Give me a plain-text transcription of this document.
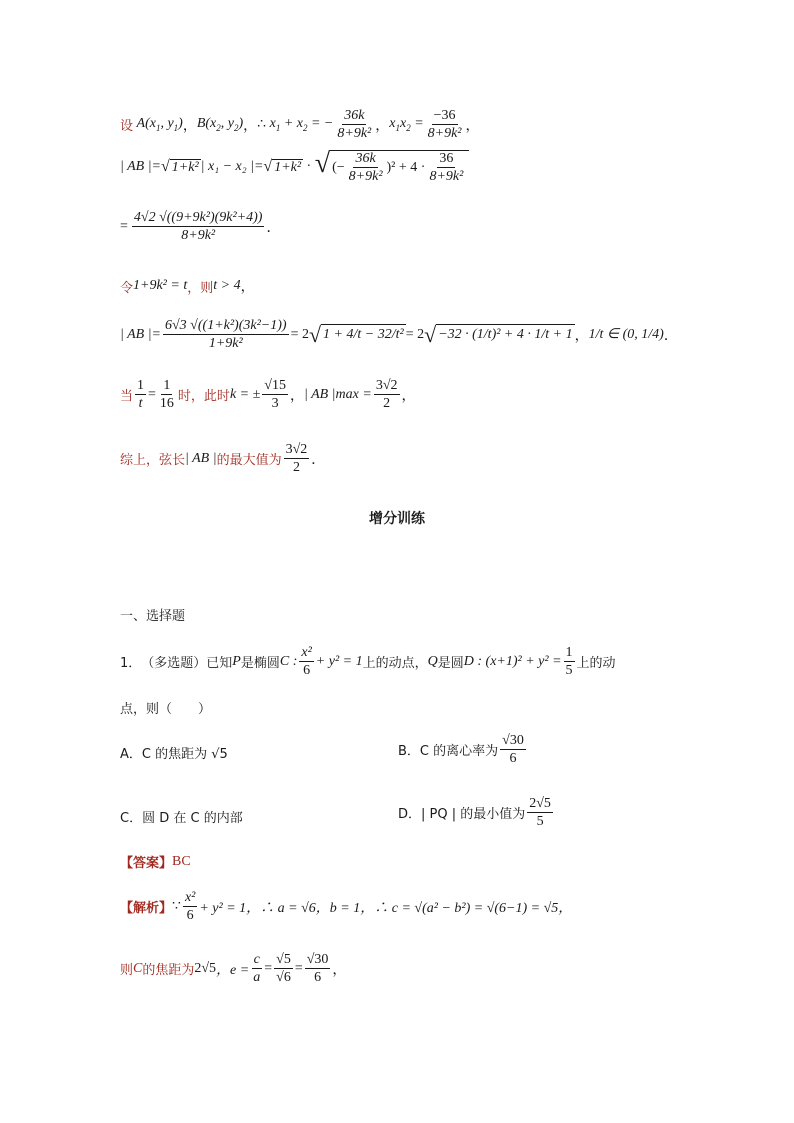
设 $A(x_1$, $y_1$) ， $B(x_2$, $y_2$) ， ∴ $x_1 + x_2$ = − $\frac{36k}{\text{8+9k²}}$ ， $x_1x_2 = \frac{-36}{\text{8+9k²}}$ ，
| AB |= √ 1+k² | x₁ − x₂ |= √ 1+k² · √ (− $\frac{36k}{\text{8+9k²}} )^2 + 4 \cdot \frac{36}{\text{8+9k²}}$
= $\frac{\text{4√2 √((9+9k²)(9k²+4))}}{\text{8+9k²}}$ ．
令 1+9k² = t ，则 t > 4 ，
| AB |= $\frac{\text{6√3 √((1+k²)(3k²−1))}}{\text{1+9k²}} = 2$ √ 1 + 4/t − 32/t² = 2 √ −32 · (1/t)² + 4 · 1/t + 1 ， 1/t ∈ (0, 1/4) ．
当 $\frac{1}{t} = \frac{1}{16}$ 时，此时 k = ± $\frac{√15}{3}$ ， | AB $|\max = \frac{3√2}{2}$ ，
综上，弦长 | AB | 的最大值为 $\frac{3√2}{2}$ ．
增分训练
一、选择题
1． （多选题）已知 P 是椭圆 C : $\frac{\text{x²}}{6} + y^2 = 1$ 上的动点， Q 是圆 D : $(x+1)^2 + y^2 = \frac{1}{5}$ 上的动
点，则（　　）
A． C 的焦距为 √5	B． C 的离心率为 $\frac{√30}{6}$
C． 圆 D 在 C 的内部	D． | PQ | 的最小值为 $\frac{2√5}{5}$
【答案】 BC
【解析】 ∵ $\frac{\text{x²}}{6} + y^2 = 1$，∴ a = √6，b = 1，∴ c = √(a² − b²) = √(6−1) = √5，
则 C 的焦距为 2√5 ，$e = \frac{c}{a} = \frac{√5}{√6} = \frac{√30}{6}$ ，
